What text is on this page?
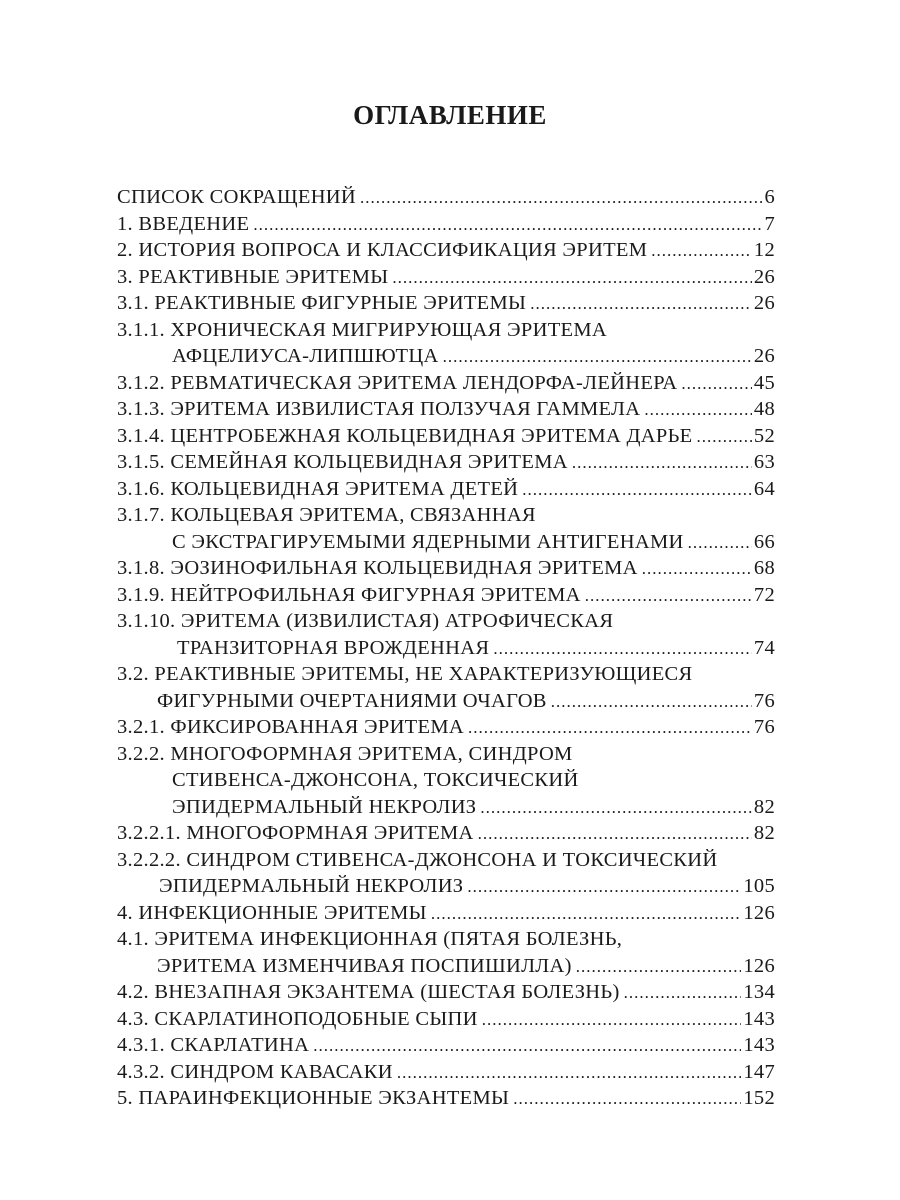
ОГЛАВЛЕНИЕ
СПИСОК СОКРАЩЕНИЙ .....	6
1. ВВЕДЕНИЕ .....	7
2. ИСТОРИЯ ВОПРОСА И КЛАССИФИКАЦИЯ ЭРИТЕМ .....	12
3. РЕАКТИВНЫЕ ЭРИТЕМЫ .....	26
3.1. РЕАКТИВНЫЕ ФИГУРНЫЕ ЭРИТЕМЫ .....	26
3.1.1. ХРОНИЧЕСКАЯ МИГРИРУЮЩАЯ ЭРИТЕМА
АФЦЕЛИУСА-ЛИПШЮТЦА .....	26
3.1.2. РЕВМАТИЧЕСКАЯ ЭРИТЕМА ЛЕНДОРФА-ЛЕЙНЕРА .....	45
3.1.3. ЭРИТЕМА ИЗВИЛИСТАЯ ПОЛЗУЧАЯ ГАММЕЛА .....	48
3.1.4. ЦЕНТРОБЕЖНАЯ КОЛЬЦЕВИДНАЯ ЭРИТЕМА ДАРЬЕ .....	52
3.1.5. СЕМЕЙНАЯ КОЛЬЦЕВИДНАЯ ЭРИТЕМА .....	63
3.1.6. КОЛЬЦЕВИДНАЯ ЭРИТЕМА ДЕТЕЙ .....	64
3.1.7. КОЛЬЦЕВАЯ ЭРИТЕМА, СВЯЗАННАЯ
С ЭКСТРАГИРУЕМЫМИ ЯДЕРНЫМИ АНТИГЕНАМИ .....	66
3.1.8. ЭОЗИНОФИЛЬНАЯ КОЛЬЦЕВИДНАЯ ЭРИТЕМА .....	68
3.1.9. НЕЙТРОФИЛЬНАЯ ФИГУРНАЯ ЭРИТЕМА .....	72
3.1.10. ЭРИТЕМА (ИЗВИЛИСТАЯ) АТРОФИЧЕСКАЯ
ТРАНЗИТОРНАЯ ВРОЖДЕННАЯ .....	74
3.2. РЕАКТИВНЫЕ ЭРИТЕМЫ, НЕ ХАРАКТЕРИЗУЮЩИЕСЯ
ФИГУРНЫМИ ОЧЕРТАНИЯМИ ОЧАГОВ .....	76
3.2.1. ФИКСИРОВАННАЯ ЭРИТЕМА .....	76
3.2.2. МНОГОФОРМНАЯ ЭРИТЕМА, СИНДРОМ
СТИВЕНСА-ДЖОНСОНА, ТОКСИЧЕСКИЙ
ЭПИДЕРМАЛЬНЫЙ НЕКРОЛИЗ .....	82
3.2.2.1. МНОГОФОРМНАЯ ЭРИТЕМА .....	82
3.2.2.2. СИНДРОМ СТИВЕНСА-ДЖОНСОНА И ТОКСИЧЕСКИЙ
ЭПИДЕРМАЛЬНЫЙ НЕКРОЛИЗ .....	105
4. ИНФЕКЦИОННЫЕ ЭРИТЕМЫ .....	126
4.1. ЭРИТЕМА ИНФЕКЦИОННАЯ (ПЯТАЯ БОЛЕЗНЬ,
ЭРИТЕМА ИЗМЕНЧИВАЯ ПОСПИШИЛЛА) .....	126
4.2. ВНЕЗАПНАЯ ЭКЗАНТЕМА (ШЕСТАЯ БОЛЕЗНЬ) .....	134
4.3. СКАРЛАТИНОПОДОБНЫЕ СЫПИ .....	143
4.3.1. СКАРЛАТИНА .....	143
4.3.2. СИНДРОМ КАВАСАКИ .....	147
5. ПАРАИНФЕКЦИОННЫЕ ЭКЗАНТЕМЫ .....	152
